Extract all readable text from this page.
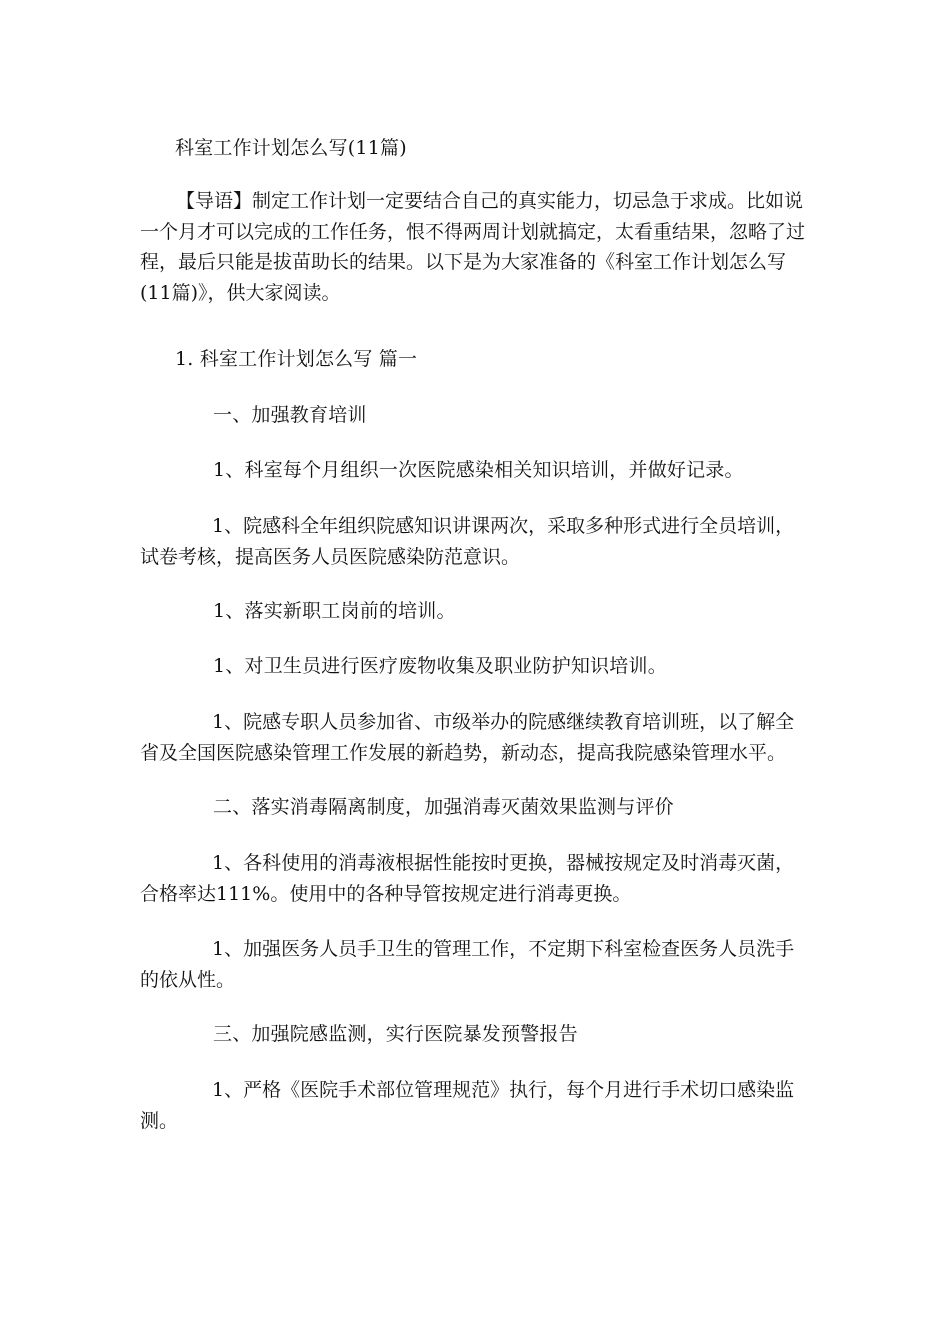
科室工作计划怎么写(11篇)
【导语】制定工作计划一定要结合自己的真实能力，切忌急于求成。比如说
一个月才可以完成的工作任务，恨不得两周计划就搞定，太看重结果，忽略了过
程，最后只能是拔苗助长的结果。以下是为大家准备的《科室工作计划怎么写
(11篇)》，供大家阅读。
1. 科室工作计划怎么写 篇一
一、加强教育培训
1、科室每个月组织一次医院感染相关知识培训，并做好记录。
1、院感科全年组织院感知识讲课两次，采取多种形式进行全员培训，
试卷考核，提高医务人员医院感染防范意识。
1、落实新职工岗前的培训。
1、对卫生员进行医疗废物收集及职业防护知识培训。
1、院感专职人员参加省、市级举办的院感继续教育培训班，以了解全
省及全国医院感染管理工作发展的新趋势，新动态，提高我院感染管理水平。
二、落实消毒隔离制度，加强消毒灭菌效果监测与评价
1、各科使用的消毒液根据性能按时更换，器械按规定及时消毒灭菌，
合格率达111%。使用中的各种导管按规定进行消毒更换。
1、加强医务人员手卫生的管理工作，不定期下科室检查医务人员洗手
的依从性。
三、加强院感监测，实行医院暴发预警报告
1、严格《医院手术部位管理规范》执行，每个月进行手术切口感染监
测。
